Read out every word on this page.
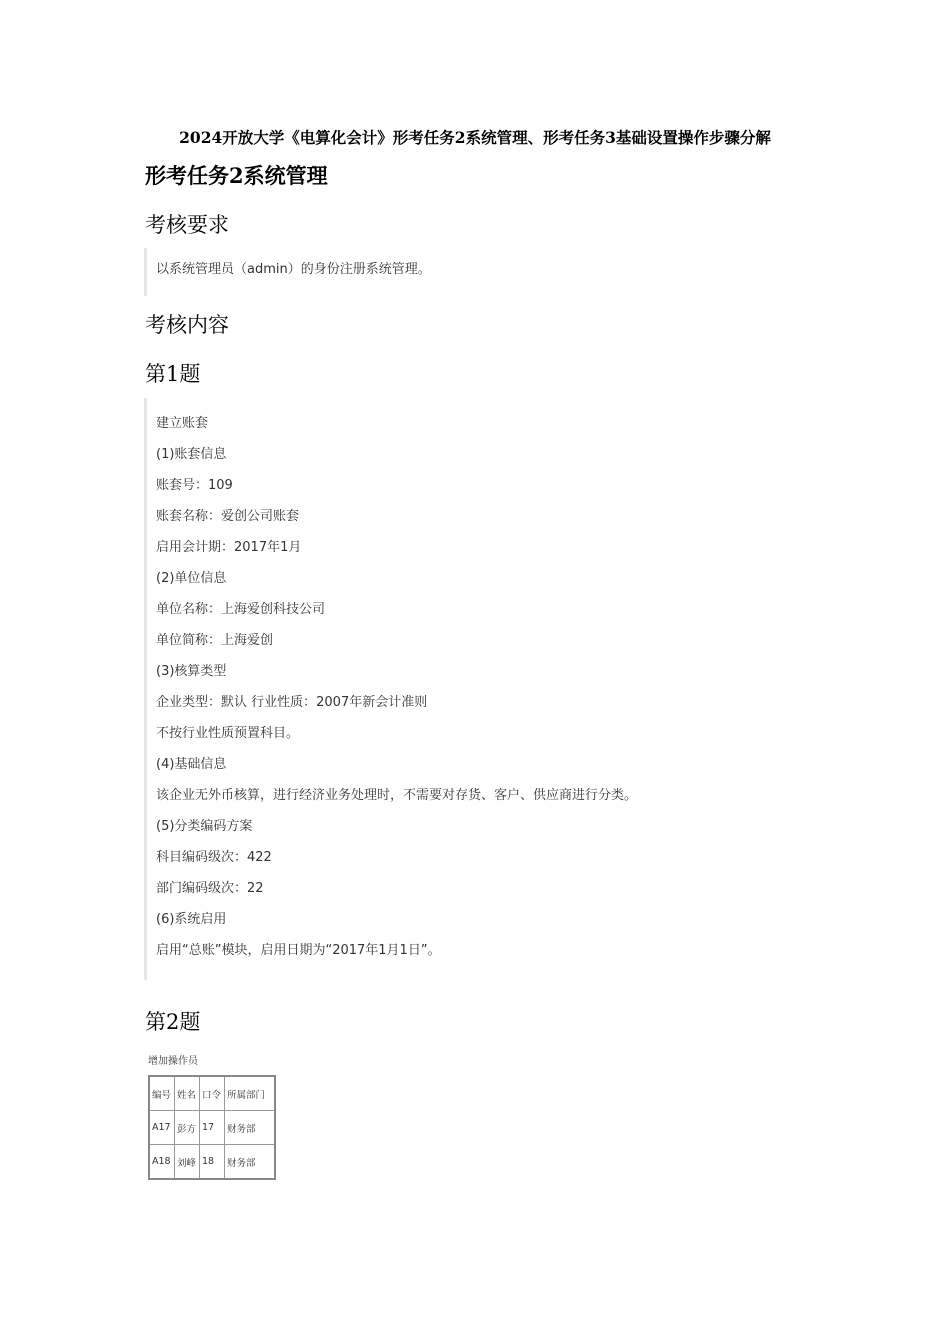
2024开放大学《电算化会计》形考任务2系统管理、形考任务3基础设置操作步骤分解
形考任务2系统管理
考核要求
以系统管理员（admin）的身份注册系统管理。
考核内容
第1题
建立账套
(1)账套信息
账套号：109
账套名称：爱创公司账套
启用会计期：2017年1月
(2)单位信息
单位名称：上海爱创科技公司
单位简称：上海爱创
(3)核算类型
企业类型：默认 行业性质：2007年新会计准则
不按行业性质预置科目。
(4)基础信息
该企业无外币核算，进行经济业务处理时，不需要对存货、客户、供应商进行分类。
(5)分类编码方案
科目编码级次：422
部门编码级次：22
(6)系统启用
启用“总账”模块，启用日期为“2017年1月1日”。
第2题
增加操作员
编号	姓名	口令	所属部门
A17	彭方	17	财务部
A18	刘峰	18	财务部
